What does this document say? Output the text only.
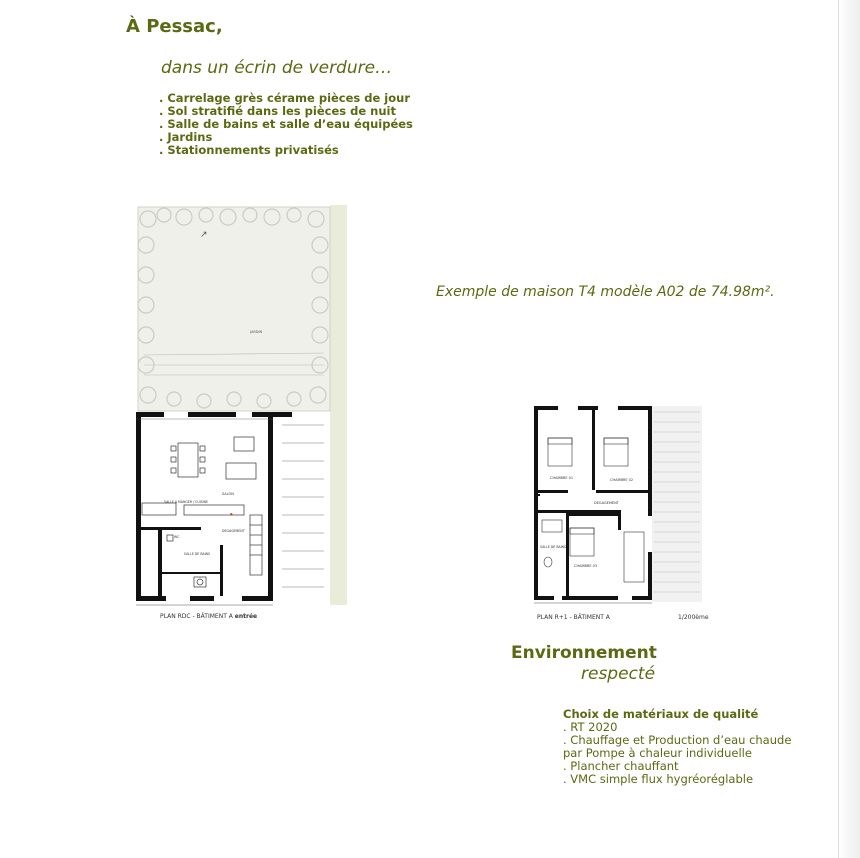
À Pessac,
dans un écrin de verdure…
. Carrelage grès cérame pièces de jour
. Sol stratifié dans les pièces de nuit
. Salle de bains et salle d’eau équipées
. Jardins
. Stationnements privatisés
Exemple de maison T4 modèle A02 de 74.98m².
↗
JARDIN
SALON
SALLE A MANGER / CUISINE
DEGAGEMENT
WC
SALLE DE BAINS
●
PLAN RDC - BÂTIMENT A entrée
CHAMBRE 01	CHAMBRE 02
DEGAGEMENT
SALLE DE BAINS
CHAMBRE 03
PLAN R+1 - BÂTIMENT A	1/200ème
Environnement
respecté
Choix de matériaux de qualité
. RT 2020
. Chauffage et Production d’eau chaude
par Pompe à chaleur individuelle
. Plancher chauffant
. VMC simple flux hygréoréglable
